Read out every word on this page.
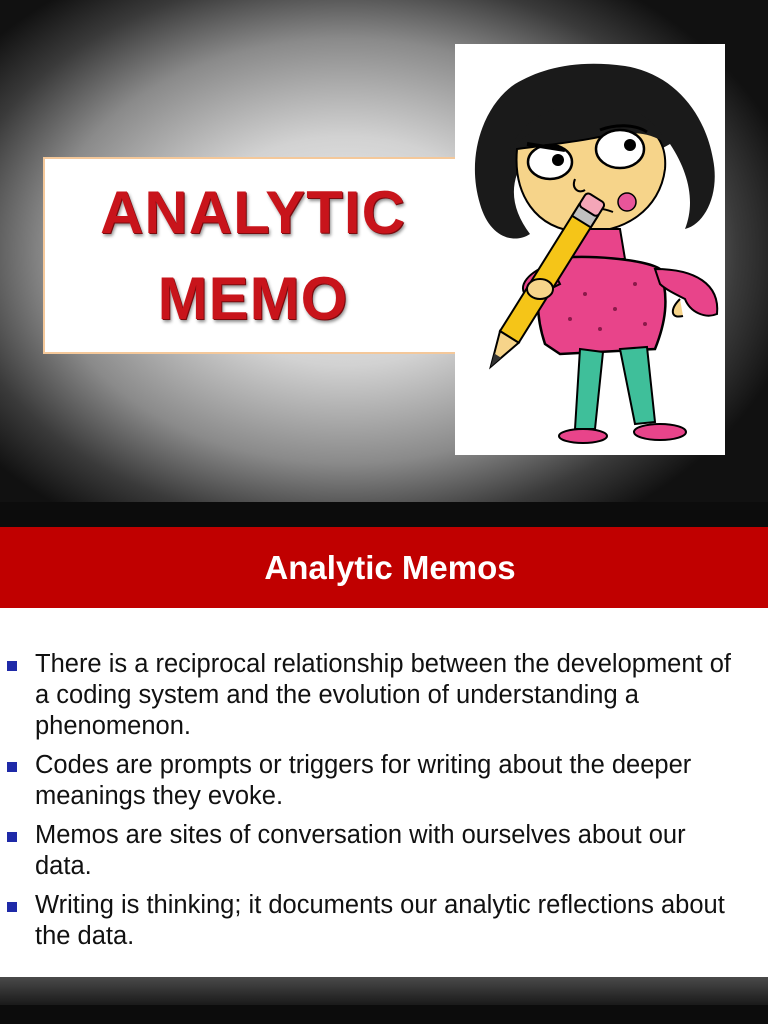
ANALYTIC
MEMO
Analytic Memos
There is a reciprocal relationship between the development of a coding system and the evolution of understanding a phenomenon.
Codes are prompts or triggers for writing about the deeper meanings they evoke.
Memos are sites of conversation with ourselves about our data.
Writing is thinking; it documents our analytic reflections about the data.
